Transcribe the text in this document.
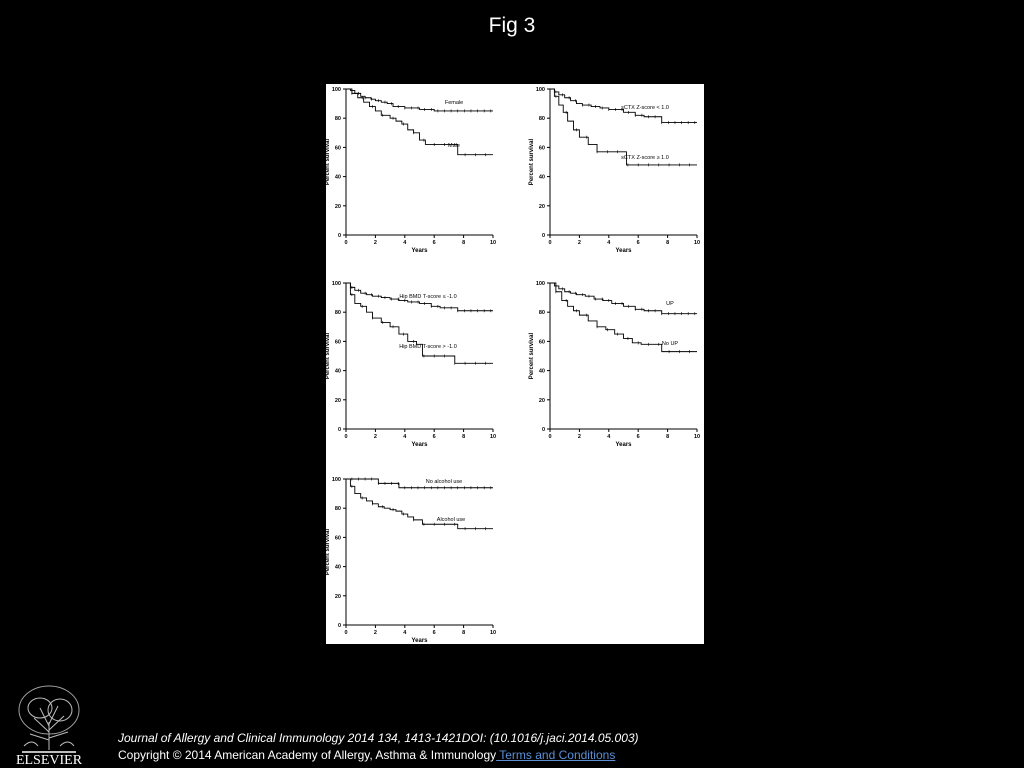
Fig 3
0
20
40
60
80
100
0	2	4	6	8	10
Years
Percent survival
Female
Male
0
20
40
60
80
100
0	2	4	6	8	10
Years
Percent survival
sCTX Z-score < 1.0
sCTX Z-score ≥ 1.0
0
20
40
60
80
100
0	2	4	6	8	10
Years
Percent survival
Hip BMD T-score ≤ -1.0
Hip BMD T-score > -1.0
0
20
40
60
80
100
0	2	4	6	8	10
Years
Percent survival
UP
No UP
0
20
40
60
80
100
0	2	4	6	8	10
Years
Percent survival
No alcohol use
Alcohol use
ELSEVIER
Journal of Allergy and Clinical Immunology 2014 134, 1413-1421DOI: (10.1016/j.jaci.2014.05.003)
Copyright © 2014 American Academy of Allergy, Asthma & Immunology Terms and Conditions
